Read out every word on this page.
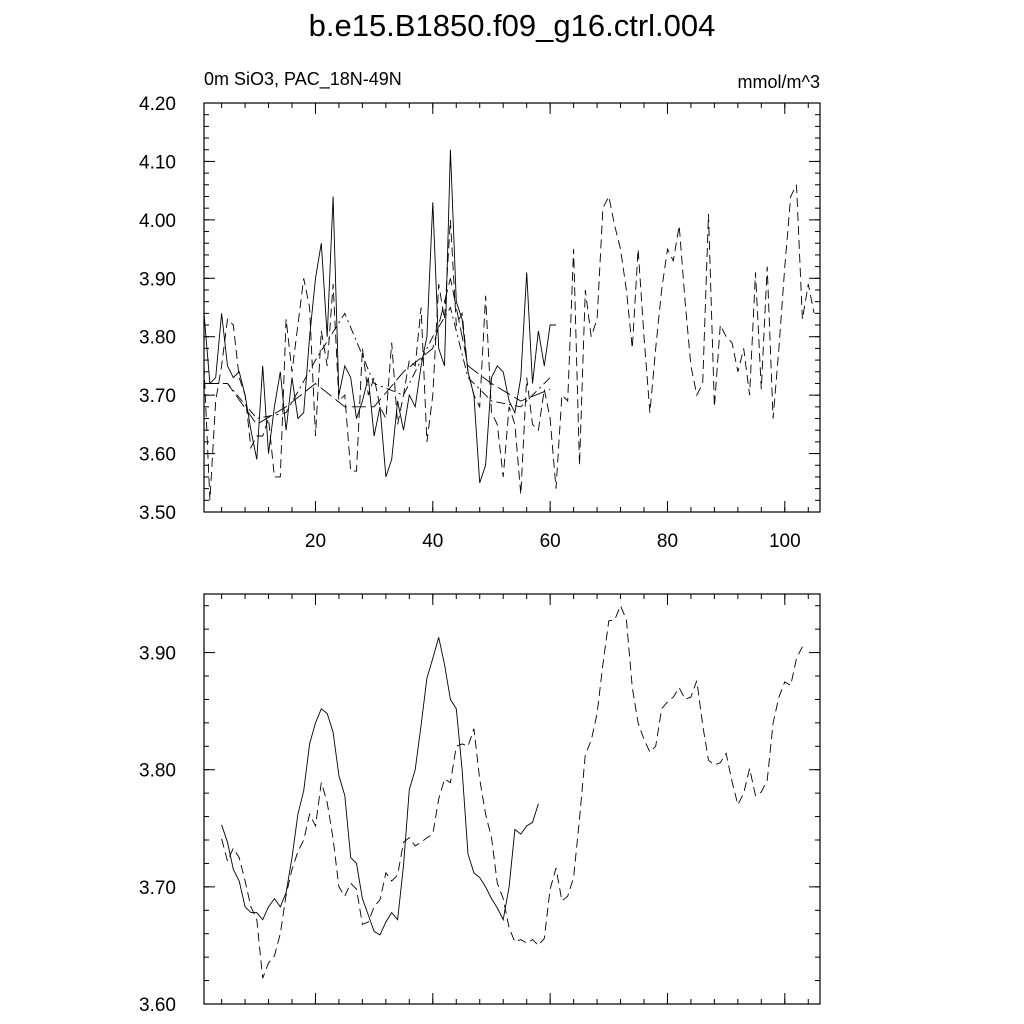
b.e15.B1850.f09_g16.ctrl.004
3.50
3.60
3.70
3.80
3.90
4.00
4.10
4.20
20	40	60	80	100
0m SiO3, PAC_18N-49N	mmol/m^3
3.60
3.70
3.80
3.90
